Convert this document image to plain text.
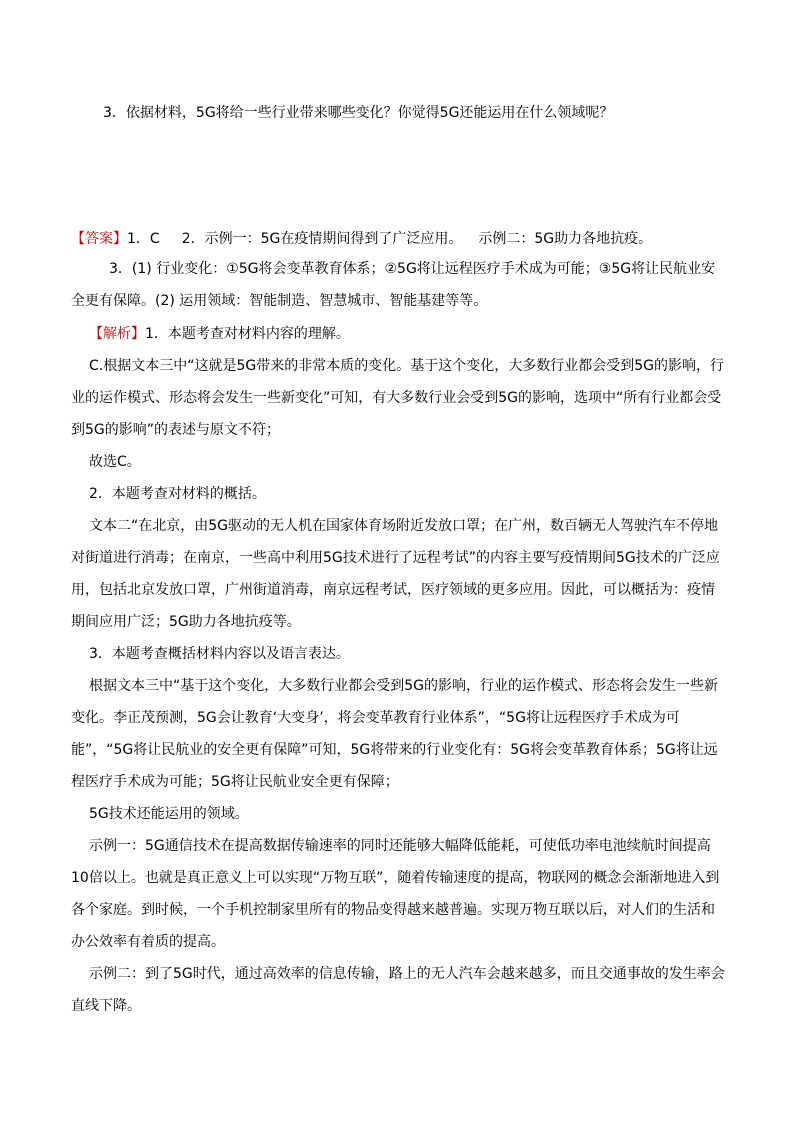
3．依据材料，5G将给一些行业带来哪些变化？你觉得5G还能运用在什么领域呢？

【答案】1．C 2．示例一：5G在疫情期间得到了广泛应用。 示例二：5G助力各地抗疫。

3．(1) 行业变化：①5G将会变革教育体系；②5G将让远程医疗手术成为可能；③5G将让民航业安全更有保障。(2) 运用领域：智能制造、智慧城市、智能基建等等。

【解析】1．本题考查对材料内容的理解。

C.根据文本三中“这就是5G带来的非常本质的变化。基于这个变化，大多数行业都会受到5G的影响，行业的运作模式、形态将会发生一些新变化”可知，有大多数行业会受到5G的影响，选项中“所有行业都会受到5G的影响”的表述与原文不符；

故选C。

2．本题考查对材料的概括。

文本二“在北京，由5G驱动的无人机在国家体育场附近发放口罩；在广州，数百辆无人驾驶汽车不停地对街道进行消毒；在南京，一些高中利用5G技术进行了远程考试”的内容主要写疫情期间5G技术的广泛应用，包括北京发放口罩，广州街道消毒，南京远程考试，医疗领域的更多应用。因此，可以概括为：疫情期间应用广泛；5G助力各地抗疫等。

3．本题考查概括材料内容以及语言表达。

根据文本三中“基于这个变化，大多数行业都会受到5G的影响，行业的运作模式、形态将会发生一些新变化。李正茂预测，5G会让教育‘大变身’，将会变革教育行业体系”，“5G将让远程医疗手术成为可能”，“5G将让民航业的安全更有保障”可知，5G将带来的行业变化有：5G将会变革教育体系；5G将让远程医疗手术成为可能；5G将让民航业安全更有保障；

5G技术还能运用的领域。

示例一：5G通信技术在提高数据传输速率的同时还能够大幅降低能耗，可使低功率电池续航时间提高10倍以上。也就是真正意义上可以实现“万物互联”，随着传输速度的提高，物联网的概念会渐渐地进入到各个家庭。到时候，一个手机控制家里所有的物品变得越来越普遍。实现万物互联以后，对人们的生活和办公效率有着质的提高。

示例二：到了5G时代，通过高效率的信息传输，路上的无人汽车会越来越多，而且交通事故的发生率会直线下降。
